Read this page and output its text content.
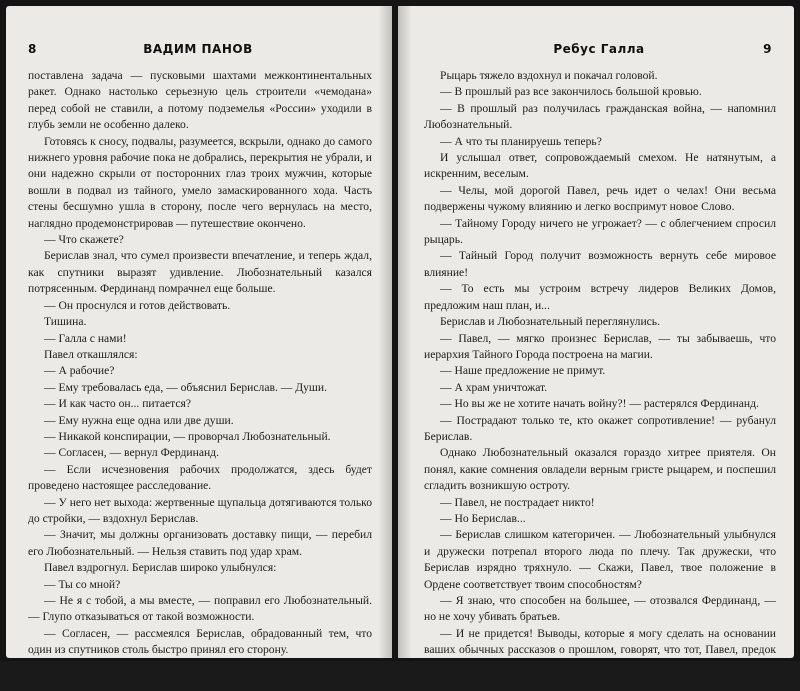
8	ВАДИМ ПАНОВ

поставлена задача — пусковыми шахтами межконтинентальных ракет. Однако настолько серьезную цель строители «чемодана» перед собой не ставили, а потому подземелья «России» уходили в глубь земли не особенно далеко.

Готовясь к сносу, подвалы, разумеется, вскрыли, однако до самого нижнего уровня рабочие пока не добрались, перекрытия не убрали, и они надежно скрыли от посторонних глаз троих мужчин, которые вошли в подвал из тайного, умело замаскированного хода. Часть стены бесшумно ушла в сторону, после чего вернулась на место, наглядно продемонстрировав — путешествие окончено.

— Что скажете?

Берислав знал, что сумел произвести впечатление, и теперь ждал, как спутники выразят удивление. Любознательный казался потрясенным. Фердинанд помрачнел еще больше.

— Он проснулся и готов действовать.

Тишина.

— Галла с нами!

Павел откашлялся:

— А рабочие?

— Ему требовалась еда, — объяснил Берислав. — Души.

— И как часто он... питается?

— Ему нужна еще одна или две души.

— Никакой конспирации, — проворчал Любознательный.

— Согласен, — вернул Фердинанд.

— Если исчезновения рабочих продолжатся, здесь будет проведено настоящее расследование.

— У него нет выхода: жертвенные щупальца дотягиваются только до стройки, — вздохнул Берислав.

— Значит, мы должны организовать доставку пищи, — перебил его Любознательный. — Нельзя ставить под удар храм.

Павел вздрогнул. Берислав широко улыбнулся:

— Ты со мной?

— Не я с тобой, а мы вместе, — поправил его Любознательный. — Глупо отказываться от такой возможности.

— Согласен, — рассмеялся Берислав, обрадованный тем, что один из спутников столь быстро принял его сторону.

Теперь должен был высказаться Фердинанд.

Ребус Галла	9

Рыцарь тяжело вздохнул и покачал головой.

— В прошлый раз все закончилось большой кровью.

— В прошлый раз получилась гражданская война, — напомнил Любознательный.

— А что ты планируешь теперь?

И услышал ответ, сопровождаемый смехом. Не натянутым, а искренним, веселым.

— Челы, мой дорогой Павел, речь идет о челах! Они весьма подвержены чужому влиянию и легко воспримут новое Слово.

— Тайному Городу ничего не угрожает? — с облегчением спросил рыцарь.

— Тайный Город получит возможность вернуть себе мировое влияние!

— То есть мы устроим встречу лидеров Великих Домов, предложим наш план, и...

Берислав и Любознательный переглянулись.

— Павел, — мягко произнес Берислав, — ты забываешь, что иерархия Тайного Города построена на магии.

— Наше предложение не примут.

— А храм уничтожат.

— Но вы же не хотите начать войну?! — растерялся Фердинанд.

— Пострадают только те, кто окажет сопротивление! — рубанул Берислав.

Однако Любознательный оказался гораздо хитрее приятеля. Он понял, какие сомнения овладели верным гристе рыцарем, и поспешил сгладить возникшую остроту.

— Павел, не пострадает никто!

— Но Берислав...

— Берислав слишком категоричен. — Любознательный улыбнулся и дружески потрепал второго люда по плечу. Так дружески, что Берислав изрядно тряхнуло. — Скажи, Павел, твое положение в Ордене соответствует твоим способностям?

— Я знаю, что способен на большее, — отозвался Фердинанд, — но не хочу убивать братьев.

— И не придется! Выводы, которые я могу сделать на основании ваших обычных рассказов о прошлом, говорят, что тот, Павел, предок — Родерик Утан, был столь же категоричен, как Берислав. Или одно, или другое. Согласитесь: такой
